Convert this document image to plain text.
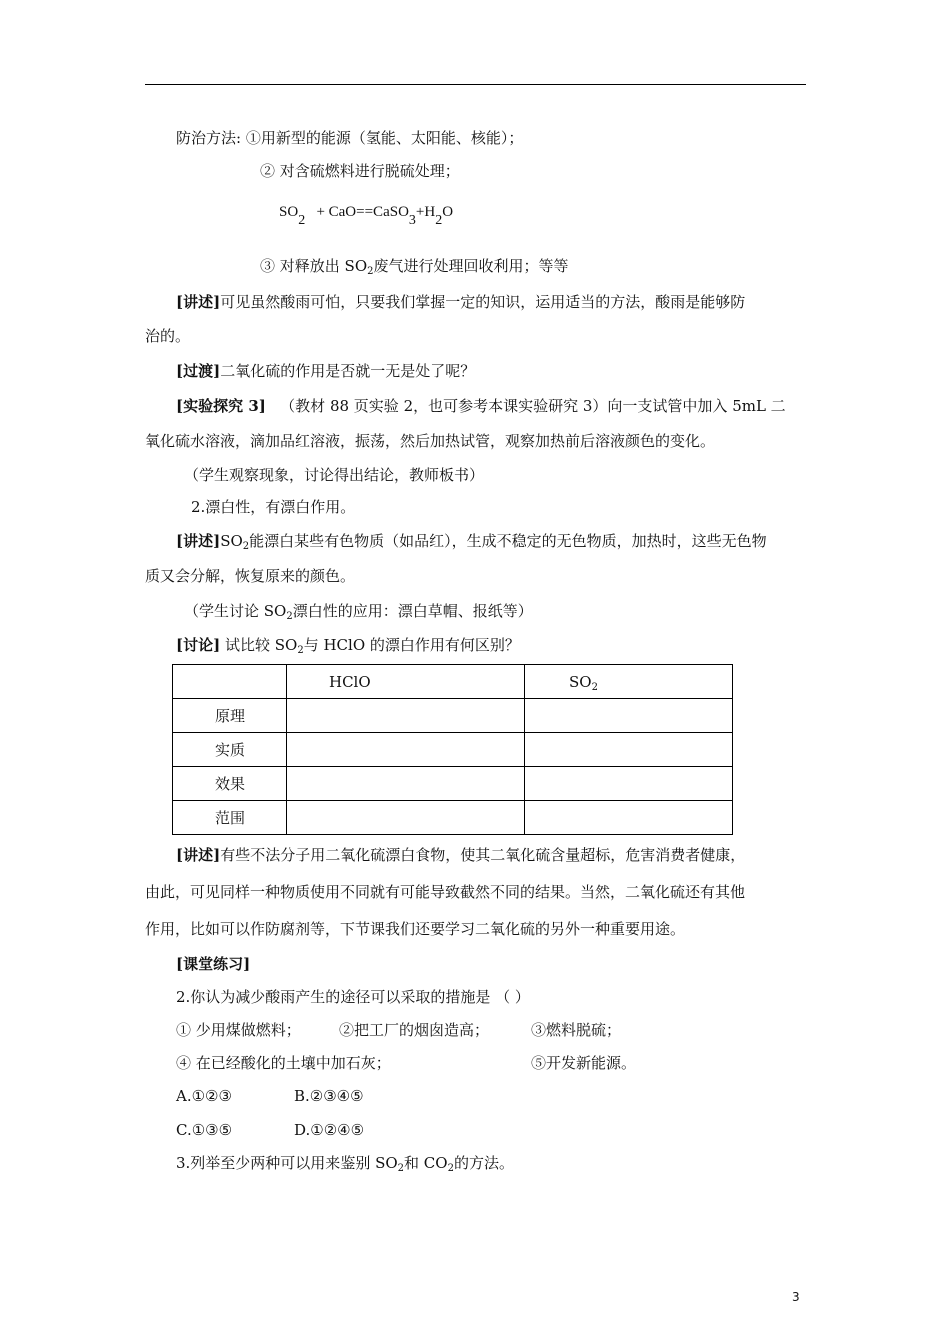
防治方法: ①用新型的能源（氢能、太阳能、核能）；
② 对含硫燃料进行脱硫处理；
$SO_2$   + $CaO==CaSO_3+H_2O$
③ 对释放出 $SO_2$废气进行处理回收利用；等等
[讲述]可见虽然酸雨可怕，只要我们掌握一定的知识，运用适当的方法，酸雨是能够防
治的。
[过渡]二氧化硫的作用是否就一无是处了呢？
[实验探究 3] （教材 88 页实验 2，也可参考本课实验研究 3）向一支试管中加入 5mL 二
氧化硫水溶液，滴加品红溶液，振荡，然后加热试管，观察加热前后溶液颜色的变化。
（学生观察现象，讨论得出结论，教师板书）
2.漂白性，有漂白作用。
[讲述]$SO_2$能漂白某些有色物质（如品红），生成不稳定的无色物质，加热时，这些无色物
质又会分解，恢复原来的颜色。
（学生讨论 $SO_2$漂白性的应用：漂白草帽、报纸等）
[讨论] 试比较 $SO_2$与 HClO 的漂白作用有何区别？
	HClO	$SO_2$
原理		
实质		
效果		
范围		
[讲述]有些不法分子用二氧化硫漂白食物，使其二氧化硫含量超标，危害消费者健康，
由此，可见同样一种物质使用不同就有可能导致截然不同的结果。当然，二氧化硫还有其他
作用，比如可以作防腐剂等，下节课我们还要学习二氧化硫的另外一种重要用途。
[课堂练习]
2.你认为减少酸雨产生的途径可以采取的措施是 （ ）
① 少用煤做燃料；	②把工厂的烟囱造高；	③燃料脱硫；
④ 在已经酸化的土壤中加石灰；	⑤开发新能源。
A.①②③	B.②③④⑤
C.①③⑤	D.①②④⑤
3.列举至少两种可以用来鉴别 $SO_2$和 $CO_2$的方法。
3
